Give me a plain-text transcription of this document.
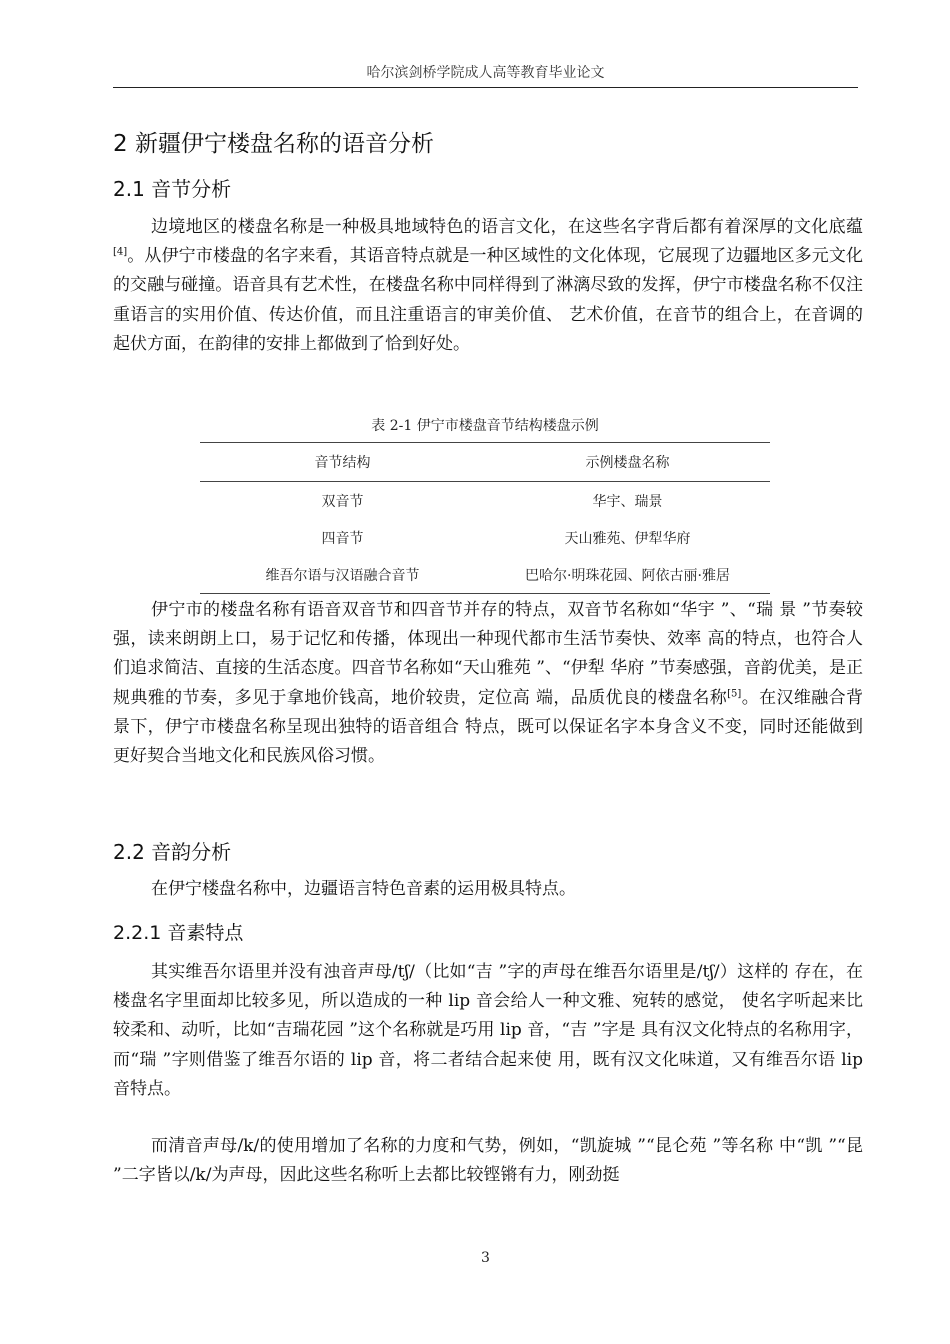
哈尔滨剑桥学院成人高等教育毕业论文
2 新疆伊宁楼盘名称的语音分析
2.1 音节分析

边境地区的楼盘名称是一种极具地域特色的语言文化，在这些名字背后都有着深厚的文化底蕴[4]。从伊宁市楼盘的名字来看，其语音特点就是一种区域性的文化体现，它展现了边疆地区多元文化的交融与碰撞。语音具有艺术性，在楼盘名称中同样得到了淋漓尽致的发挥，伊宁市楼盘名称不仅注重语言的实用价值、传达价值，而且注重语言的审美价值、 艺术价值，在音节的组合上，在音调的起伏方面，在韵律的安排上都做到了恰到好处。

表 2-1 伊宁市楼盘音节结构楼盘示例
音节结构	示例楼盘名称
双音节	华宇、瑞景
四音节	天山雅苑、伊犁华府
维吾尔语与汉语融合音节	巴哈尔·明珠花园、阿依古丽·雅居

伊宁市的楼盘名称有语音双音节和四音节并存的特点，双音节名称如“华宇 ”、“瑞 景 ”节奏较强，读来朗朗上口，易于记忆和传播，体现出一种现代都市生活节奏快、效率 高的特点，也符合人们追求简洁、直接的生活态度。四音节名称如“天山雅苑 ”、“伊犁 华府 ”节奏感强，音韵优美，是正规典雅的节奏，多见于拿地价钱高，地价较贵，定位高 端，品质优良的楼盘名称[5]。在汉维融合背景下，伊宁市楼盘名称呈现出独特的语音组合 特点，既可以保证名字本身含义不变，同时还能做到更好契合当地文化和民族风俗习惯。

2.2 音韵分析

在伊宁楼盘名称中，边疆语言特色音素的运用极具特点。

2.2.1 音素特点

其实维吾尔语里并没有浊音声母/tʃ/（比如“吉 ”字的声母在维吾尔语里是/tʃ/）这样的 存在，在楼盘名字里面却比较多见，所以造成的一种 lip 音会给人一种文雅、宛转的感觉， 使名字听起来比较柔和、动听，比如“吉瑞花园 ”这个名称就是巧用 lip 音，“吉 ”字是 具有汉文化特点的名称用字，而“瑞 ”字则借鉴了维吾尔语的 lip 音，将二者结合起来使 用，既有汉文化味道，又有维吾尔语 lip 音特点。

而清音声母/k/的使用增加了名称的力度和气势，例如，“凯旋城 ”“昆仑苑 ”等名称 中“凯 ”“昆 ”二字皆以/k/为声母，因此这些名称听上去都比较铿锵有力，刚劲挺

3
